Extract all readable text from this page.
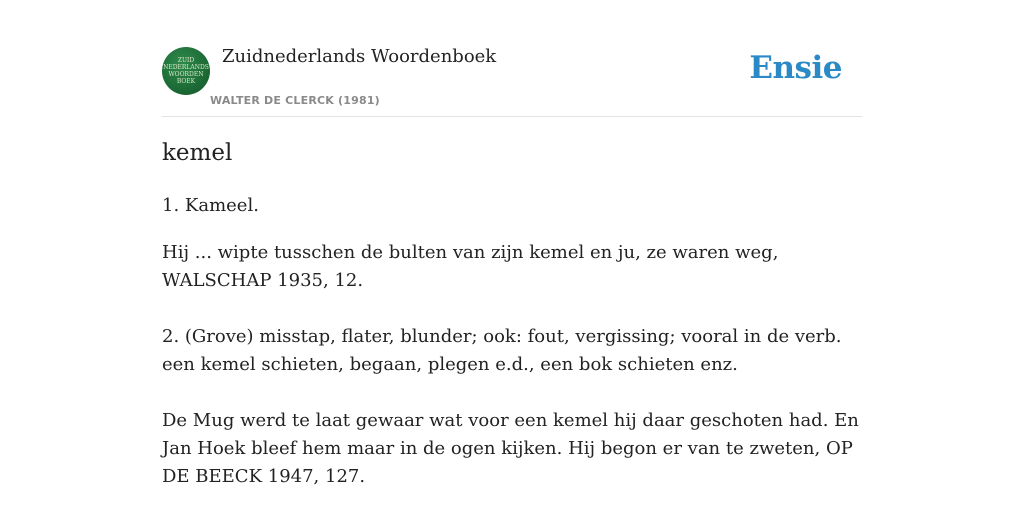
ZUID
NEDERLANDS
WOORDEN
BOEK
Zuidnederlands Woordenboek
WALTER DE CLERCK (1981)
Ensie
kemel
1. Kameel.
Hij ... wipte tusschen de bulten van zijn kemel en ju, ze waren weg, WALSCHAP 1935, 12.
2. (Grove) misstap, flater, blunder; ook: fout, vergissing; vooral in de verb. een kemel schieten, begaan, plegen e.d., een bok schieten enz.
De Mug werd te laat gewaar wat voor een kemel hij daar geschoten had. En Jan Hoek bleef hem maar in de ogen kijken. Hij begon er van te zweten, OP DE BEECK 1947, 127.
